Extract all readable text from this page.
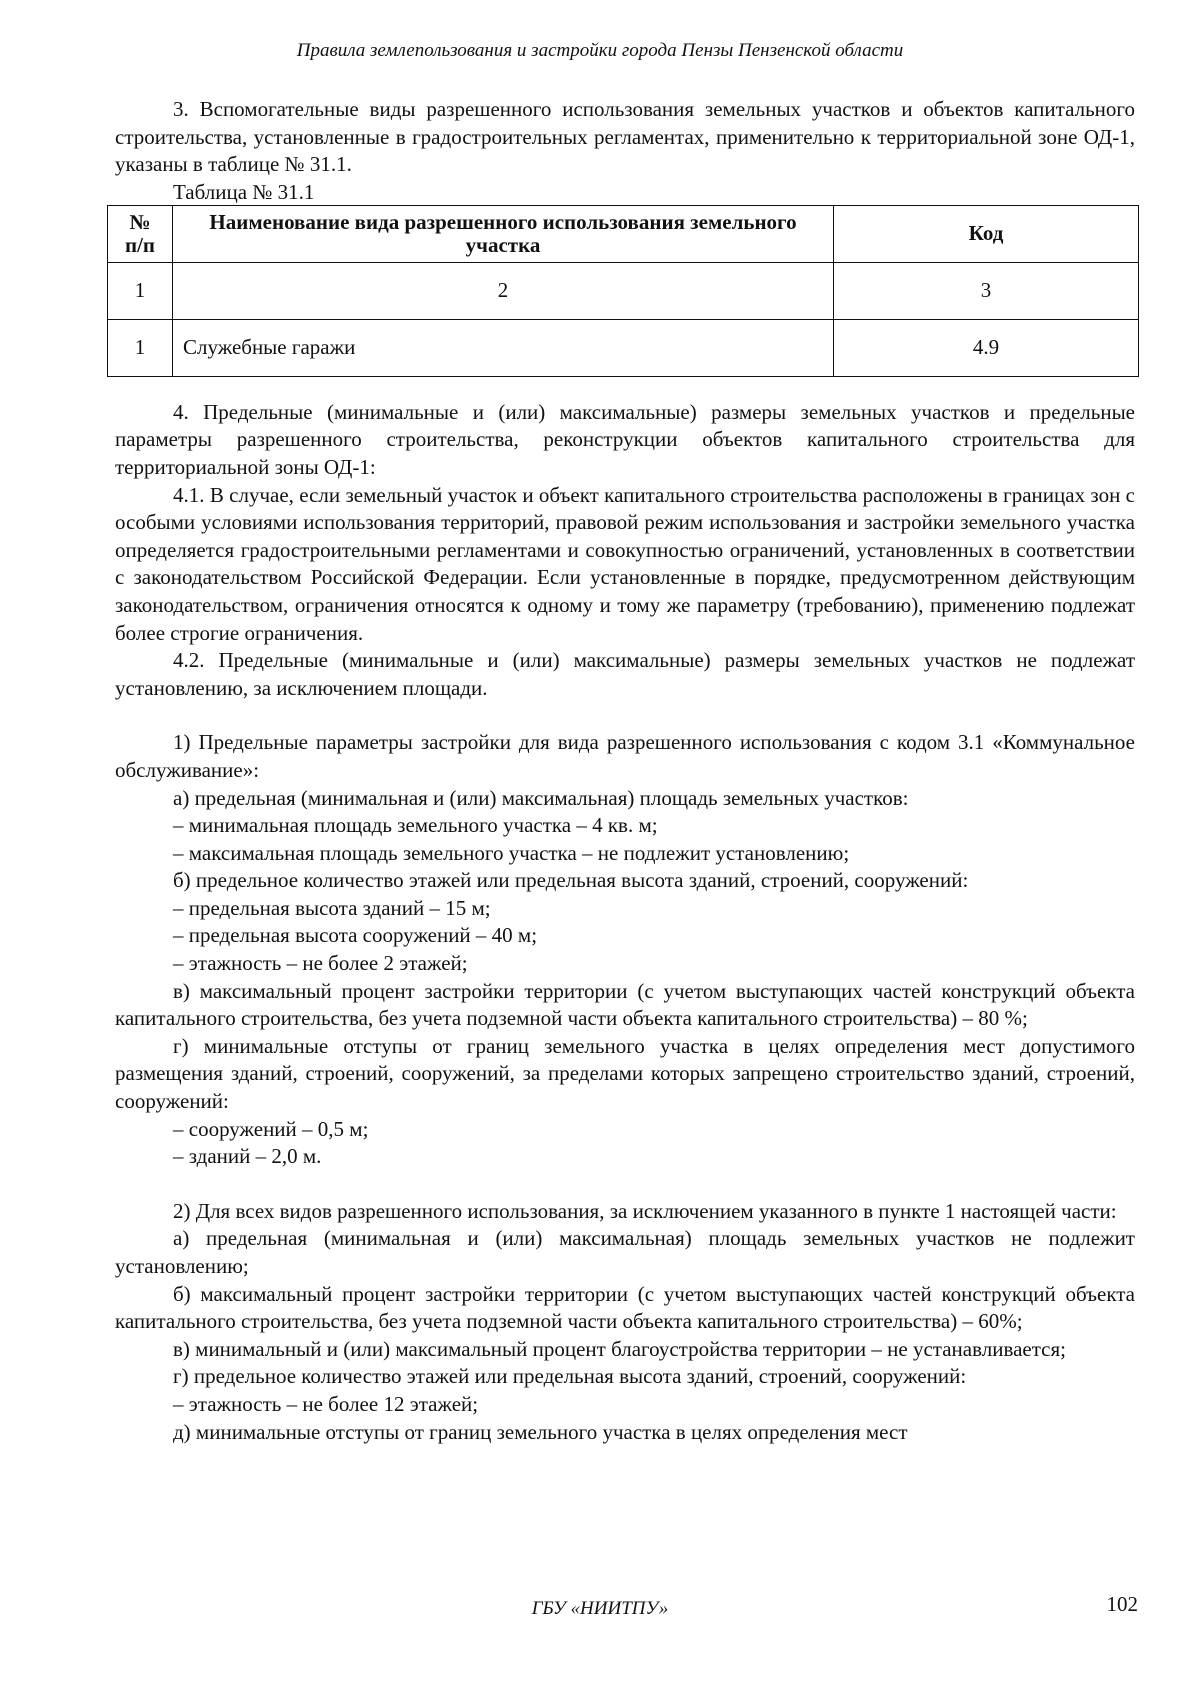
Правила землепользования и застройки города Пензы Пензенской области

3. Вспомогательные виды разрешенного использования земельных участков и объектов капитального строительства, установленные в градостроительных регламентах, применительно к территориальной зоне ОД-1, указаны в таблице № 31.1.

Таблица № 31.1

№ п/п	Наименование вида разрешенного использования земельного участка	Код
1	2	3
1	Служебные гаражи	4.9

4. Предельные (минимальные и (или) максимальные) размеры земельных участков и предельные параметры разрешенного строительства, реконструкции объектов капитального строительства для территориальной зоны ОД-1:

4.1. В случае, если земельный участок и объект капитального строительства расположены в границах зон с особыми условиями использования территорий, правовой режим использования и застройки земельного участка определяется градостроительными регламентами и совокупностью ограничений, установленных в соответствии с законодательством Российской Федерации. Если установленные в порядке, предусмотренном действующим законодательством, ограничения относятся к одному и тому же параметру (требованию), применению подлежат более строгие ограничения.

4.2. Предельные (минимальные и (или) максимальные) размеры земельных участков не подлежат установлению, за исключением площади.

1) Предельные параметры застройки для вида разрешенного использования с кодом 3.1 «Коммунальное обслуживание»:

а) предельная (минимальная и (или) максимальная) площадь земельных участков:

– минимальная площадь земельного участка – 4 кв. м;

– максимальная площадь земельного участка – не подлежит установлению;

б) предельное количество этажей или предельная высота зданий, строений, сооружений:

– предельная высота зданий – 15 м;

– предельная высота сооружений – 40 м;

– этажность – не более 2 этажей;

в) максимальный процент застройки территории (с учетом выступающих частей конструкций объекта капитального строительства, без учета подземной части объекта капитального строительства) – 80 %;

г) минимальные отступы от границ земельного участка в целях определения мест допустимого размещения зданий, строений, сооружений, за пределами которых запрещено строительство зданий, строений, сооружений:

– сооружений – 0,5 м;

– зданий – 2,0 м.

2) Для всех видов разрешенного использования, за исключением указанного в пункте 1 настоящей части:

а) предельная (минимальная и (или) максимальная) площадь земельных участков не подлежит установлению;

б) максимальный процент застройки территории (с учетом выступающих частей конструкций объекта капитального строительства, без учета подземной части объекта капитального строительства) – 60%;

в) минимальный и (или) максимальный процент благоустройства территории – не устанавливается;

г) предельное количество этажей или предельная высота зданий, строений, сооружений:

– этажность – не более 12 этажей;

д) минимальные отступы от границ земельного участка в целях определения мест

ГБУ «НИИТПУ»	102
